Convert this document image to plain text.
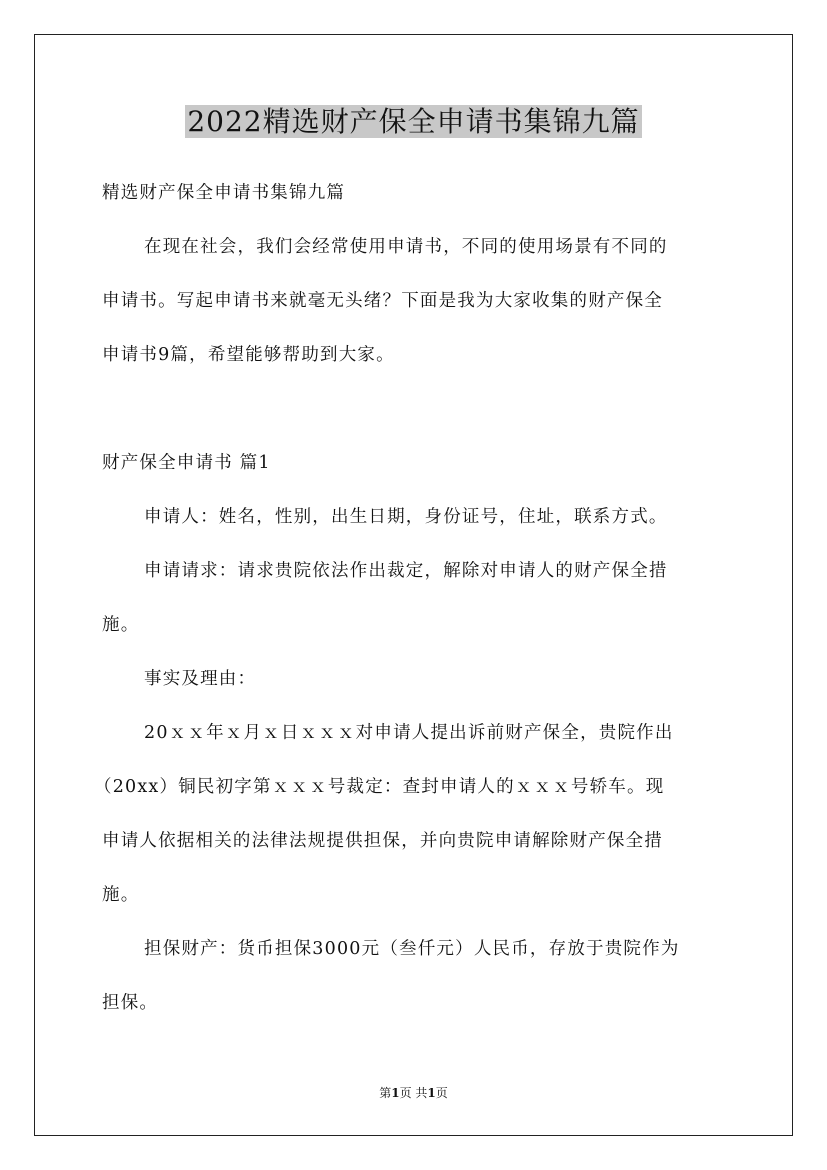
2022精选财产保全申请书集锦九篇
精选财产保全申请书集锦九篇
在现在社会，我们会经常使用申请书，不同的使用场景有不同的
申请书。写起申请书来就毫无头绪？下面是我为大家收集的财产保全
申请书9篇，希望能够帮助到大家。
财产保全申请书 篇1
申请人：姓名，性别，出生日期，身份证号，住址，联系方式。
申请请求：请求贵院依法作出裁定，解除对申请人的财产保全措
施。
事实及理由：
20ｘｘ年ｘ月ｘ日ｘｘｘ对申请人提出诉前财产保全，贵院作出
（20xx）铜民初字第ｘｘｘ号裁定：查封申请人的ｘｘｘ号轿车。现
申请人依据相关的法律法规提供担保，并向贵院申请解除财产保全措
施。
担保财产：货币担保3000元（叁仟元）人民币，存放于贵院作为
担保。
第1页 共1页
